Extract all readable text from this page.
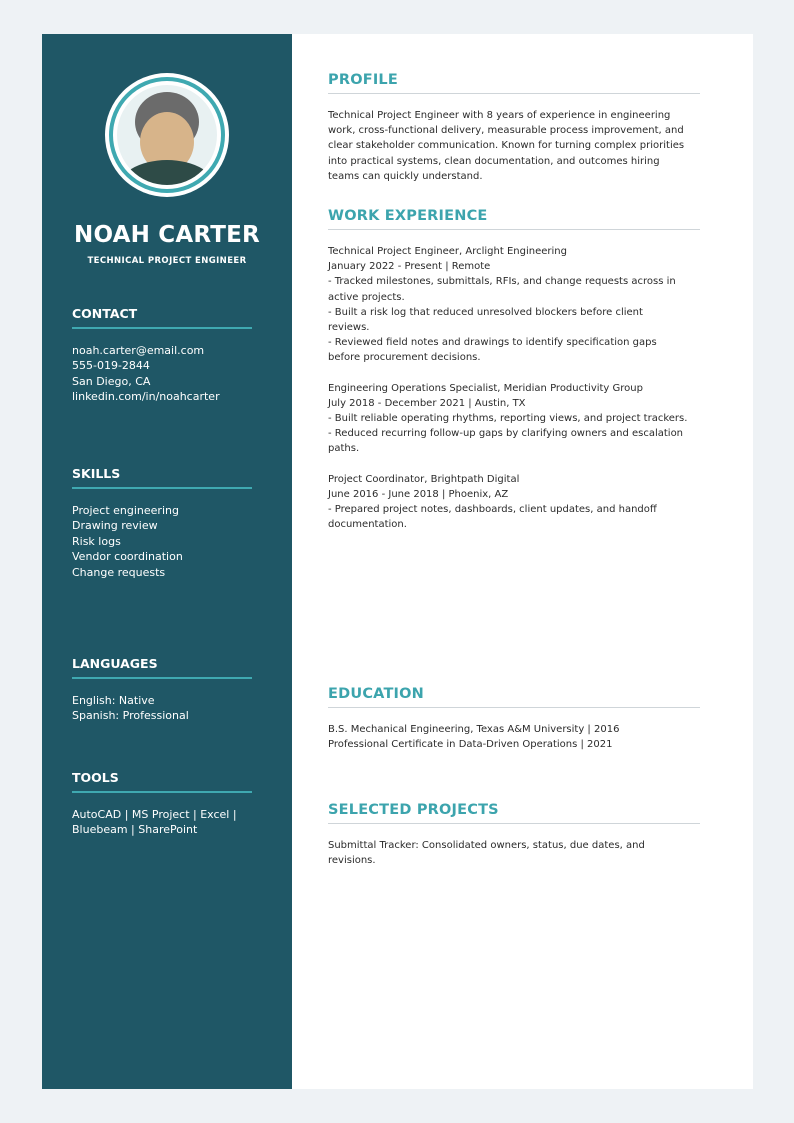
NOAH CARTER
TECHNICAL PROJECT ENGINEER
CONTACT
noah.carter@email.com
555-019-2844
San Diego, CA
linkedin.com/in/noahcarter
SKILLS
Project engineering
Drawing review
Risk logs
Vendor coordination
Change requests
LANGUAGES
English: Native
Spanish: Professional
TOOLS
AutoCAD | MS Project | Excel |
Bluebeam | SharePoint
PROFILE
Technical Project Engineer with 8 years of experience in engineering
work, cross-functional delivery, measurable process improvement, and
clear stakeholder communication. Known for turning complex priorities
into practical systems, clean documentation, and outcomes hiring
teams can quickly understand.
WORK EXPERIENCE
Technical Project Engineer, Arclight Engineering
January 2022 - Present | Remote
- Tracked milestones, submittals, RFIs, and change requests across in
active projects.
- Built a risk log that reduced unresolved blockers before client
reviews.
- Reviewed field notes and drawings to identify specification gaps
before procurement decisions.
Engineering Operations Specialist, Meridian Productivity Group
July 2018 - December 2021 | Austin, TX
- Built reliable operating rhythms, reporting views, and project trackers.
- Reduced recurring follow-up gaps by clarifying owners and escalation
paths.
Project Coordinator, Brightpath Digital
June 2016 - June 2018 | Phoenix, AZ
- Prepared project notes, dashboards, client updates, and handoff
documentation.
EDUCATION
B.S. Mechanical Engineering, Texas A&M University | 2016
Professional Certificate in Data-Driven Operations | 2021
SELECTED PROJECTS
Submittal Tracker: Consolidated owners, status, due dates, and
revisions.
